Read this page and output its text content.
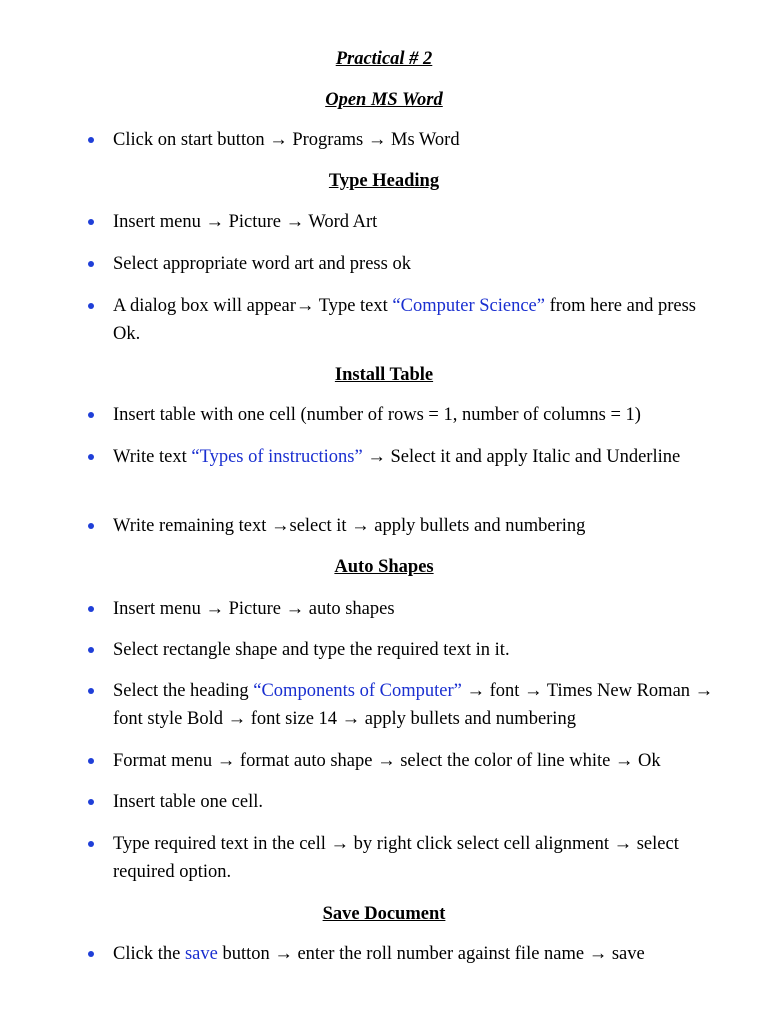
Practical # 2
Open MS Word
Click on start button → Programs → Ms Word
Type Heading
Insert menu → Picture → Word Art
Select appropriate word art and press ok
A dialog box will appear→ Type text “Computer Science” from here and press Ok.
Install Table
Insert table with one cell (number of rows = 1, number of columns = 1)
Write text “Types of instructions” → Select it and apply Italic and Underline
Write remaining text →select it → apply bullets and numbering
Auto Shapes
Insert menu → Picture → auto shapes
Select rectangle shape and type the required text in it.
Select the heading “Components of Computer” → font → Times New Roman → font style Bold → font size 14 → apply bullets and numbering
Format menu → format auto shape → select the color of line white → Ok
Insert table one cell.
Type required text in the cell → by right click select cell alignment → select required option.
Save Document
Click the save button → enter the roll number against file name → save
